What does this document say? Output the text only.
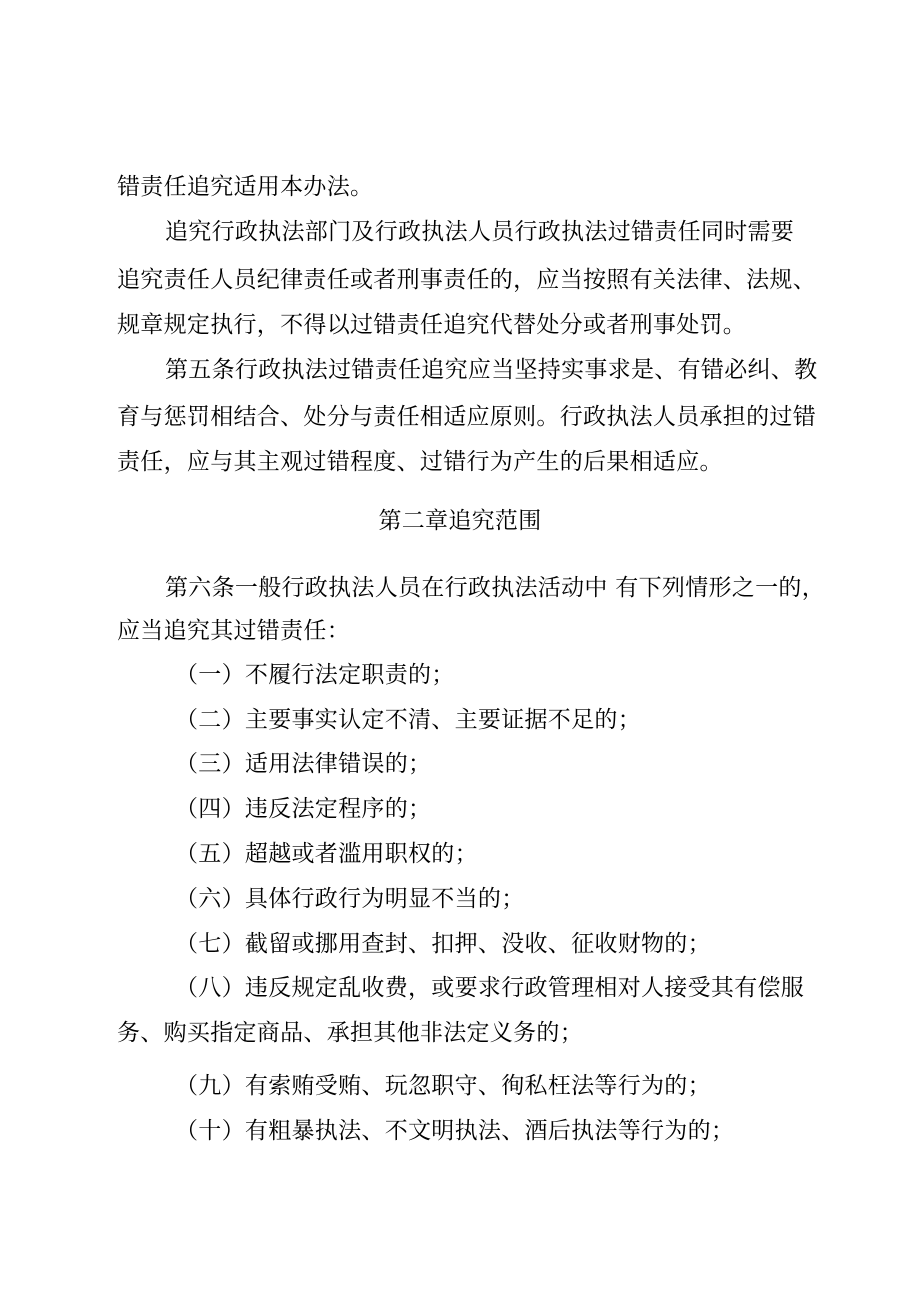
错责任追究适用本办法。
追究行政执法部门及行政执法人员行政执法过错责任同时需要
追究责任人员纪律责任或者刑事责任的，应当按照有关法律、法规、
规章规定执行，不得以过错责任追究代替处分或者刑事处罚。
第五条行政执法过错责任追究应当坚持实事求是、有错必纠、教
育与惩罚相结合、处分与责任相适应原则。行政执法人员承担的过错
责任，应与其主观过错程度、过错行为产生的后果相适应。
第二章追究范围
第六条一般行政执法人员在行政执法活动中 有下列情形之一的，
应当追究其过错责任：
（一）不履行法定职责的；
（二）主要事实认定不清、主要证据不足的；
（三）适用法律错误的；
（四）违反法定程序的；
（五）超越或者滥用职权的；
（六）具体行政行为明显不当的；
（七）截留或挪用查封、扣押、没收、征收财物的；
（八）违反规定乱收费，或要求行政管理相对人接受其有偿服
务、购买指定商品、承担其他非法定义务的；
（九）有索贿受贿、玩忽职守、徇私枉法等行为的；
（十）有粗暴执法、不文明执法、酒后执法等行为的；
